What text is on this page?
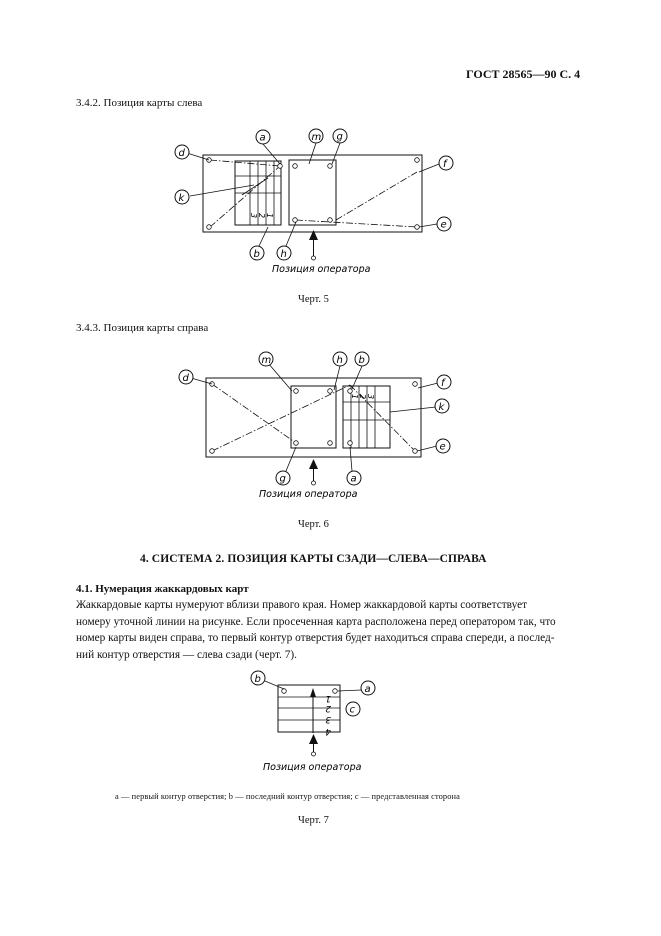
ГОСТ 28565—90 С. 4
3.4.2. Позиция карты слева
3 2 1
Позиция оператора
a	m g
d
f
k
e
b h
Черт. 5
3.4.3. Позиция карты справа
1 2 3
Позиция оператора
m	h b
d	f
k
e
g	a
Черт. 6
4. СИСТЕМА 2. ПОЗИЦИЯ КАРТЫ СЗАДИ—СЛЕВА—СПРАВА
4.1. Нумерация жаккардовых карт
Жаккардовые карты нумеруют вблизи правого края. Номер жаккардовой карты соответствует
номеру уточной линии на рисунке. Если просеченная карта расположена перед оператором так, что
номер карты виден справа, то первый контур отверстия будет находиться справа спереди, а послед-
ний контур отверстия — слева сзади (черт. 7).
1
2
3
4
Позиция оператора
b
a
c
a — первый контур отверстия; b — последний контур отверстия; c — представленная сторона
Черт. 7
